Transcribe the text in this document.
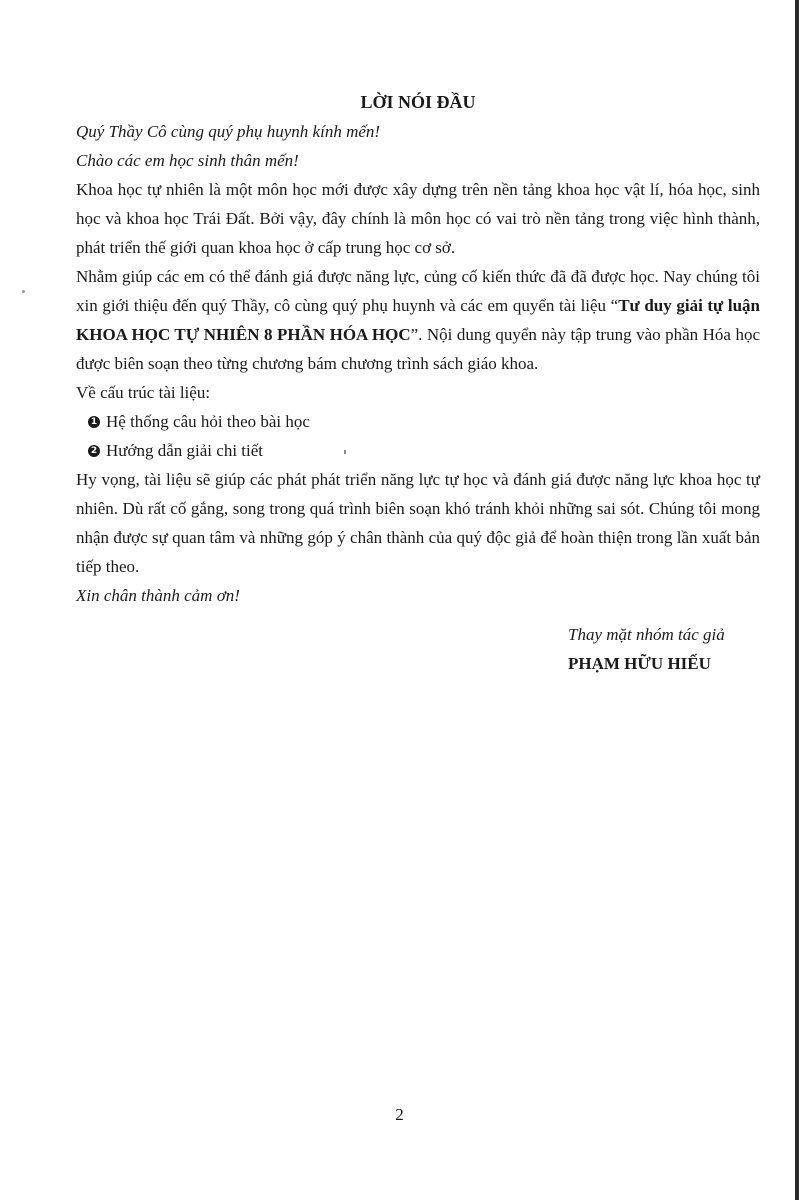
LỜI NÓI ĐẦU

Quý Thầy Cô cùng quý phụ huynh kính mến!

Chào các em học sinh thân mến!

Khoa học tự nhiên là một môn học mới được xây dựng trên nền tảng khoa học vật lí, hóa học, sinh học và khoa học Trái Đất. Bởi vậy, đây chính là môn học có vai trò nền tảng trong việc hình thành, phát triển thế giới quan khoa học ở cấp trung học cơ sở.

Nhằm giúp các em có thể đánh giá được năng lực, củng cố kiến thức đã đã được học. Nay chúng tôi xin giới thiệu đến quý Thầy, cô cùng quý phụ huynh và các em quyển tài liệu “Tư duy giải tự luận KHOA HỌC TỰ NHIÊN 8 PHẦN HÓA HỌC”. Nội dung quyển này tập trung vào phần Hóa học được biên soạn theo từng chương bám chương trình sách giáo khoa.

Về cấu trúc tài liệu:

1 Hệ thống câu hỏi theo bài học
2 Hướng dẫn giải chi tiết

Hy vọng, tài liệu sẽ giúp các phát phát triển năng lực tự học và đánh giá được năng lực khoa học tự nhiên. Dù rất cố gắng, song trong quá trình biên soạn khó tránh khỏi những sai sót. Chúng tôi mong nhận được sự quan tâm và những góp ý chân thành của quý độc giả để hoàn thiện trong lần xuất bản tiếp theo.

Xin chân thành cảm ơn!

Thay mặt nhóm tác giả
PHẠM HỮU HIẾU
2
